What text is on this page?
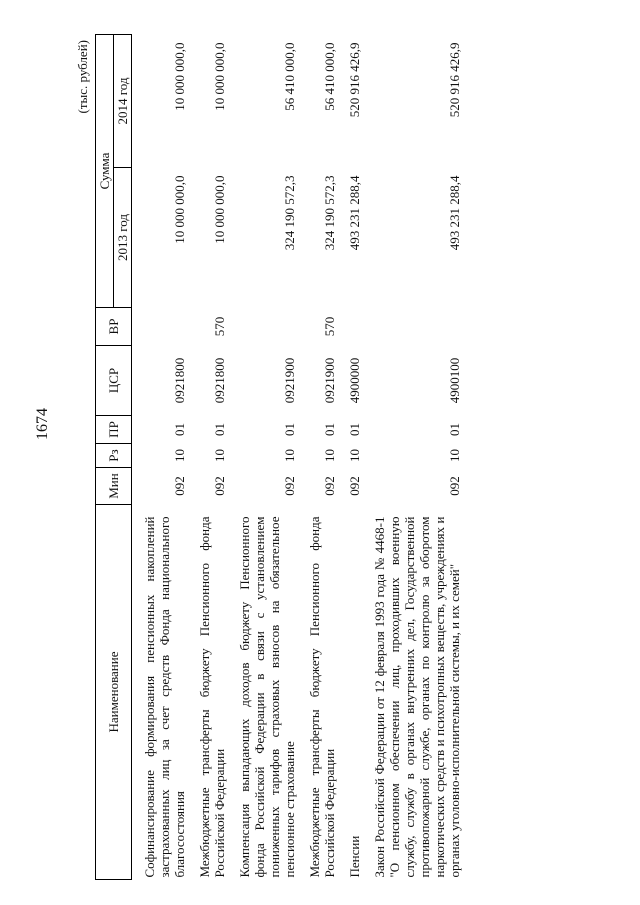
1674
(тыс. рублей)
Наименование	Мин	Рз	ПР	ЦСР	ВР	Сумма	
						2013 год	2014 год
Софинансирование формирования пенсионных накоплений застрахованных лиц за счет средств Фонда национального благосостояния	092	10	01	0921800		10 000 000,0	10 000 000,0
Межбюджетные трансферты бюджету Пенсионного фонда Российской Федерации	092	10	01	0921800	570	10 000 000,0	10 000 000,0
Компенсация выпадающих доходов бюджету Пенсионного фонда Российской Федерации в связи с установлением пониженных тарифов страховых взносов на обязательное пенсионное страхование	092	10	01	0921900		324 190 572,3	56 410 000,0
Межбюджетные трансферты бюджету Пенсионного фонда Российской Федерации	092	10	01	0921900	570	324 190 572,3	56 410 000,0
Пенсии	092	10	01	4900000		493 231 288,4	520 916 426,9
Закон Российской Федерации от 12 февраля 1993 года № 4468-1 "О пенсионном обеспечении лиц, проходивших военную службу, службу в органах внутренних дел, Государственной противопожарной службе, органах по контролю за оборотом наркотических средств и психотропных веществ, учреждениях и органах уголовно-исполнительной системы, и их семей"	092	10	01	4900100		493 231 288,4	520 916 426,9
